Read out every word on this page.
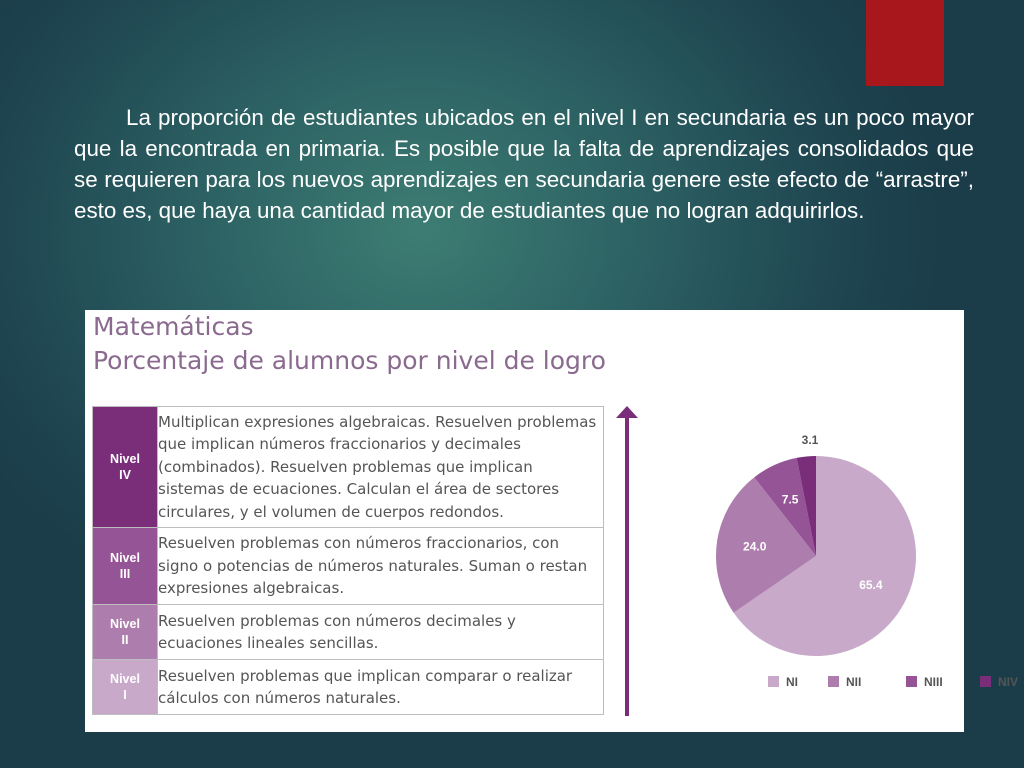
La proporción de estudiantes ubicados en el nivel I en secundaria es un poco mayor que la encontrada en primaria. Es posible que la falta de aprendizajes consolidados que se requieren para los nuevos aprendizajes en secundaria genere este efecto de “arrastre”, esto es, que haya una cantidad mayor de estudiantes que no logran adquirirlos.

Matemáticas
Porcentaje de alumnos por nivel de logro
Nivel
IV	Multiplican expresiones algebraicas. Resuelven problemas que implican números fraccionarios y decimales (combinados). Resuelven problemas que implican sistemas de ecuaciones. Calculan el área de sectores circulares, y el volumen de cuerpos redondos.

Nivel
III	Resuelven problemas con números fraccionarios, con signo o potencias de números naturales. Suman o restan expresiones algebraicas.

Nivel
II	Resuelven problemas con números decimales y ecuaciones lineales sencillas.

Nivel
I	Resuelven problemas que implican comparar o realizar cálculos con números naturales.
65.4
24.0
7.5
3.1
NI	NII	NIII	NIV
